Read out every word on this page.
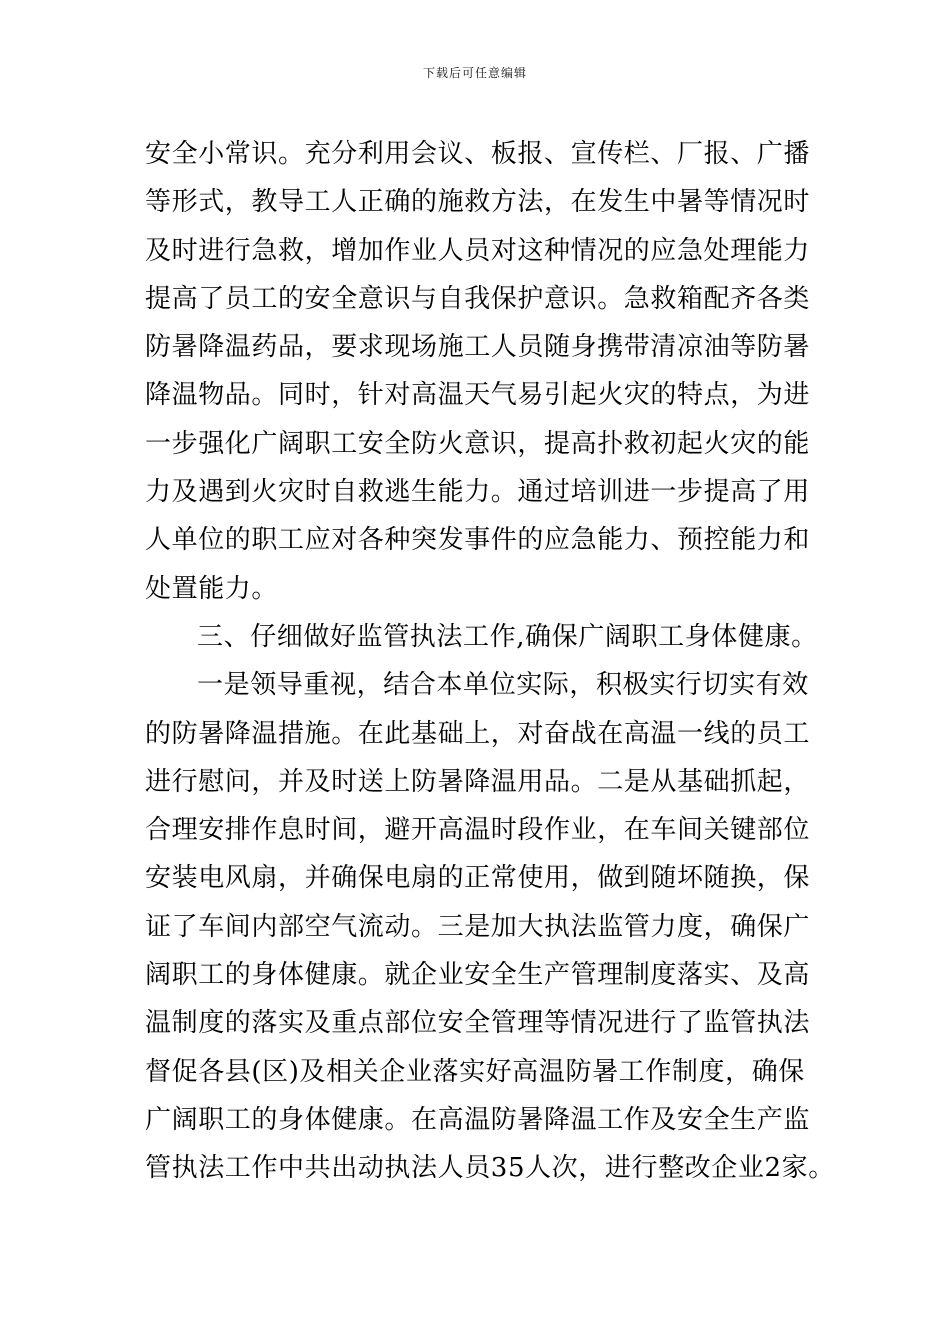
下载后可任意编辑
安全小常识。充分利用会议、板报、宣传栏、厂报、广播
等形式，教导工人正确的施救方法，在发生中暑等情况时
及时进行急救，增加作业人员对这种情况的应急处理能力
提高了员工的安全意识与自我保护意识。急救箱配齐各类
防暑降温药品，要求现场施工人员随身携带清凉油等防暑
降温物品。同时，针对高温天气易引起火灾的特点，为进
一步强化广阔职工安全防火意识，提高扑救初起火灾的能
力及遇到火灾时自救逃生能力。通过培训进一步提高了用
人单位的职工应对各种突发事件的应急能力、预控能力和
处置能力。
三、仔细做好监管执法工作,确保广阔职工身体健康。
一是领导重视，结合本单位实际，积极实行切实有效
的防暑降温措施。在此基础上，对奋战在高温一线的员工
进行慰问，并及时送上防暑降温用品。二是从基础抓起，
合理安排作息时间，避开高温时段作业，在车间关键部位
安装电风扇，并确保电扇的正常使用，做到随坏随换，保
证了车间内部空气流动。三是加大执法监管力度，确保广
阔职工的身体健康。就企业安全生产管理制度落实、及高
温制度的落实及重点部位安全管理等情况进行了监管执法
督促各县(区)及相关企业落实好高温防暑工作制度，确保
广阔职工的身体健康。在高温防暑降温工作及安全生产监
管执法工作中共出动执法人员35人次，进行整改企业2家。
